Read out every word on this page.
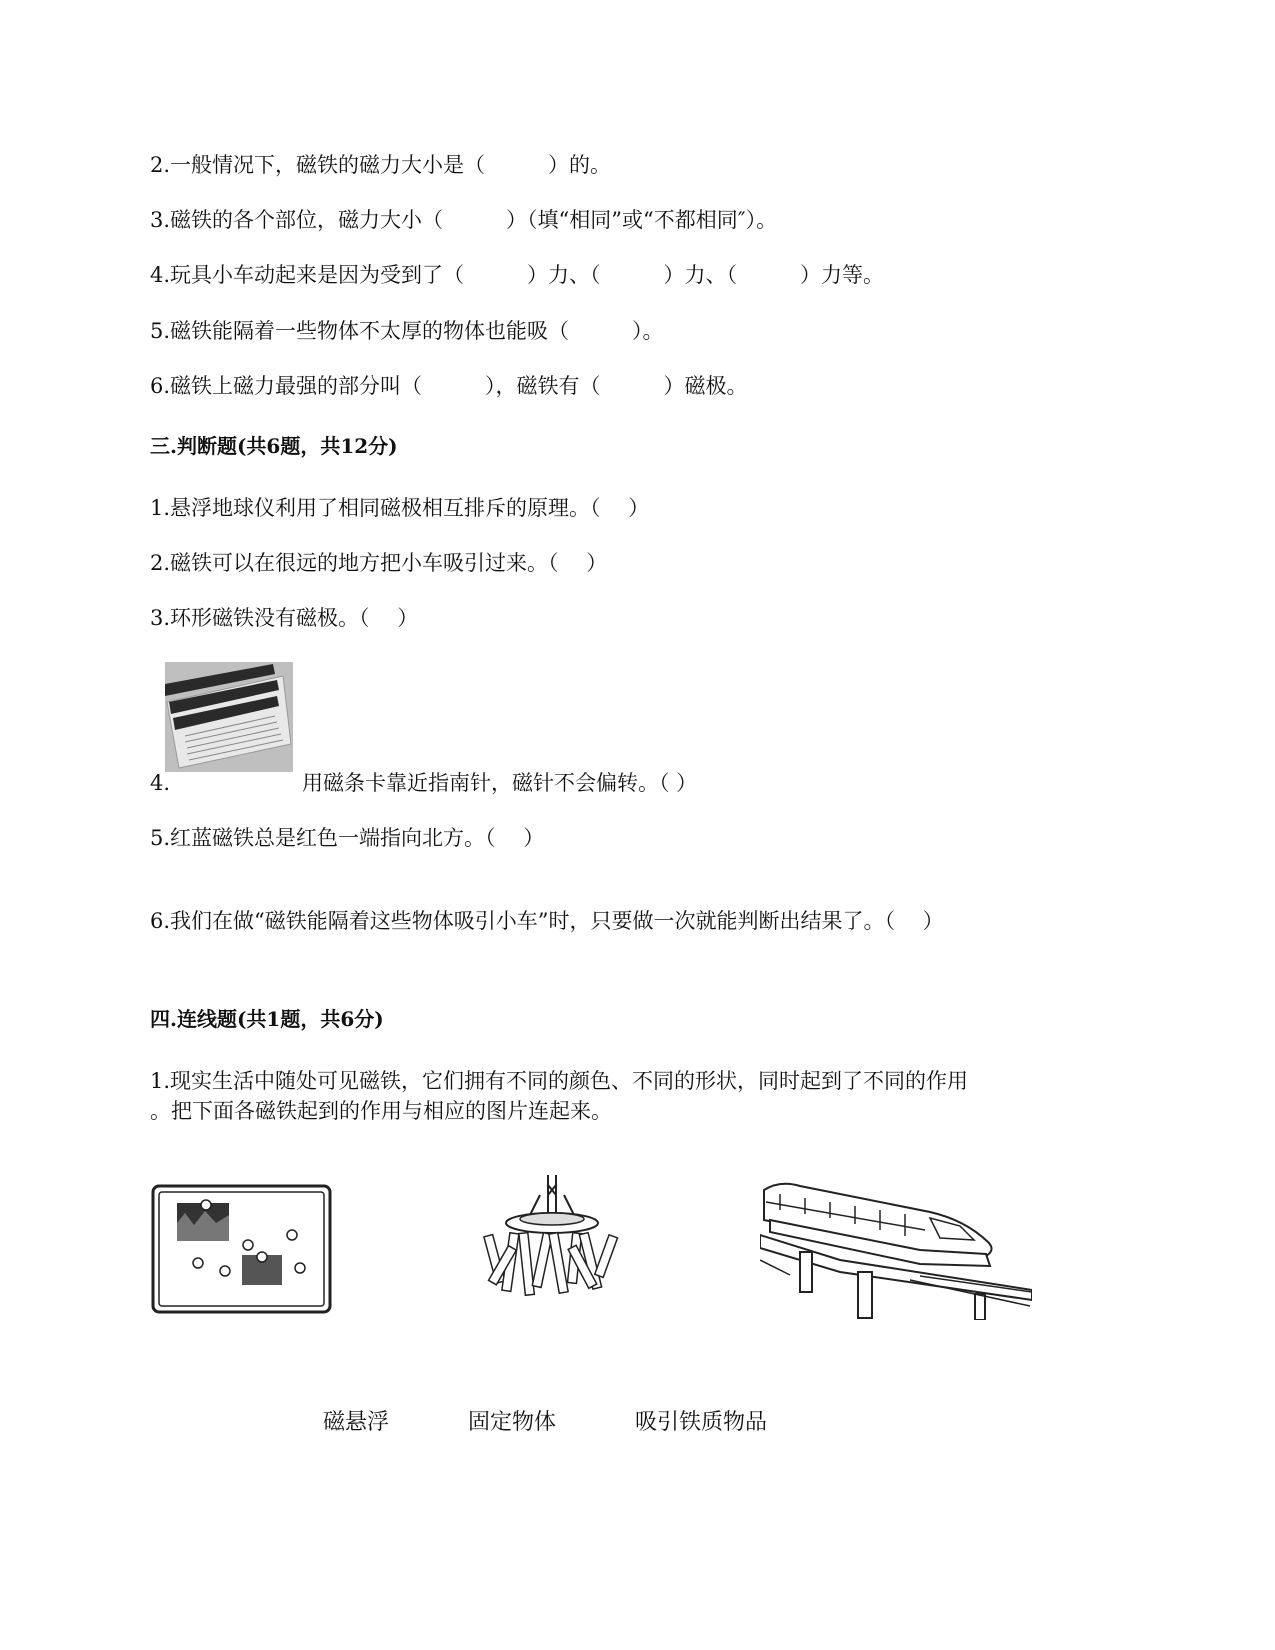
2.一般情况下，磁铁的磁力大小是（　　　）的。
3.磁铁的各个部位，磁力大小（　　　）（填“相同”或“不都相同″）。
4.玩具小车动起来是因为受到了（　　　）力、（　　　）力、（　　　）力等。
5.磁铁能隔着一些物体不太厚的物体也能吸（　　　）。
6.磁铁上磁力最强的部分叫（　　　），磁铁有（　　　）磁极。
三.判断题(共6题，共12分)
1.悬浮地球仪利用了相同磁极相互排斥的原理。（　 ）
2.磁铁可以在很远的地方把小车吸引过来。（　 ）
3.环形磁铁没有磁极。（　 ）
4.	用磁条卡靠近指南针，磁针不会偏转。（ ）
5.红蓝磁铁总是红色一端指向北方。（　 ）
6.我们在做“磁铁能隔着这些物体吸引小车”时，只要做一次就能判断出结果了。（　 ）
四.连线题(共1题，共6分)
1.现实生活中随处可见磁铁，它们拥有不同的颜色、不同的形状，同时起到了不同的作用
。把下面各磁铁起到的作用与相应的图片连起来。
磁悬浮	固定物体	吸引铁质物品
